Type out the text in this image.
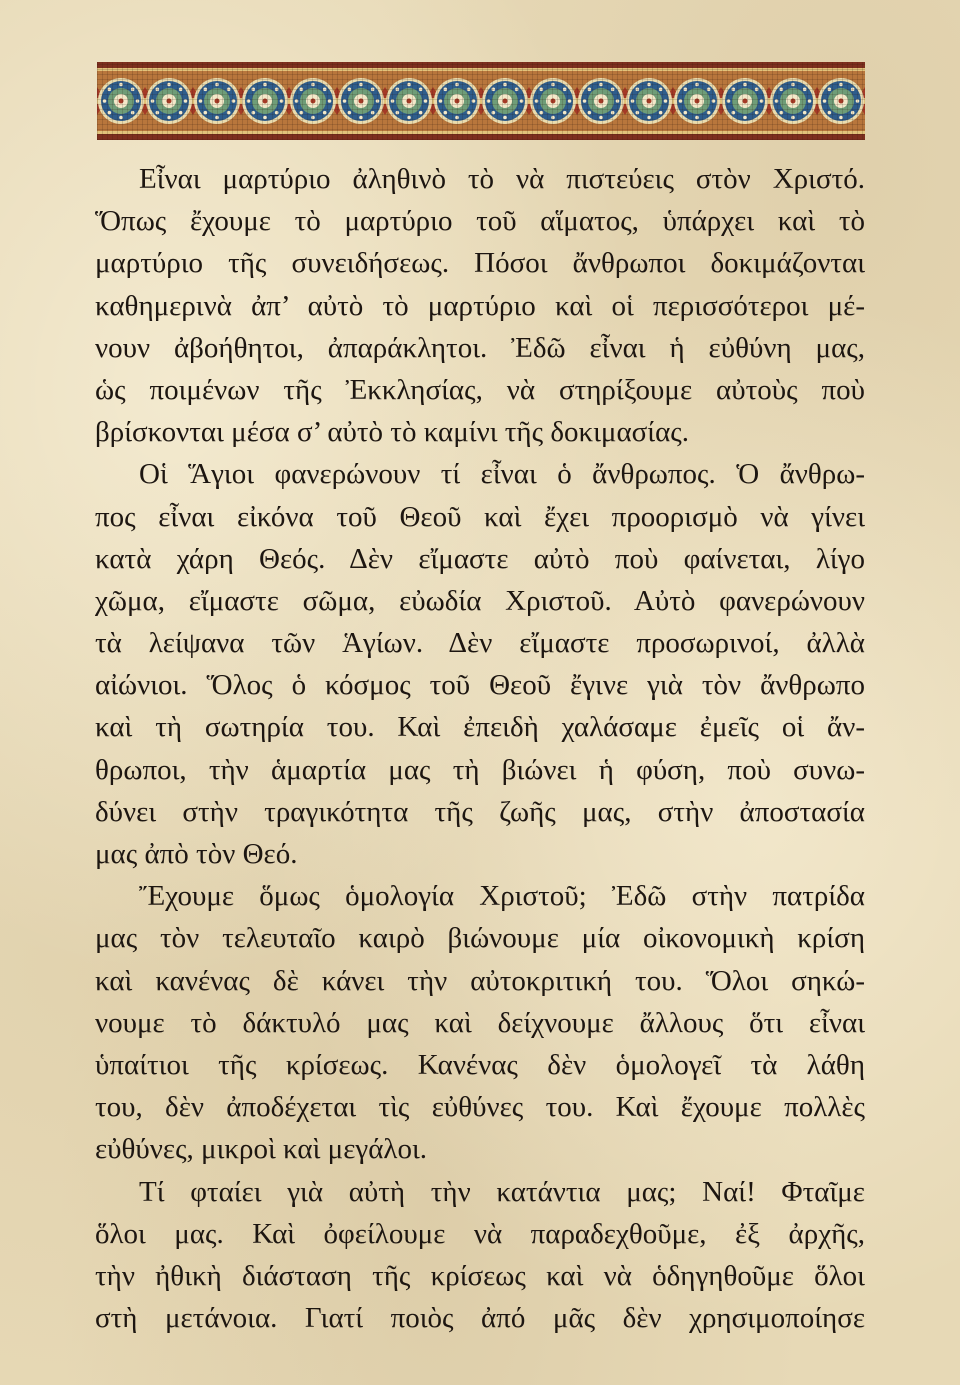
Εἶναι μαρτύριο ἀληθινὸ τὸ νὰ πιστεύεις στὸν Χριστό.
Ὅπως ἔχουμε τὸ μαρτύριο τοῦ αἵματος, ὑπάρχει καὶ τὸ
μαρτύριο τῆς συνειδήσεως. Πόσοι ἄνθρωποι δοκιμάζονται
καθημερινὰ ἀπ’ αὐτὸ τὸ μαρτύριο καὶ οἱ περισσότεροι μέ-
νουν ἀβοήθητοι, ἀπαράκλητοι. Ἐδῶ εἶναι ἡ εὐθύνη μας,
ὡς ποιμένων τῆς Ἐκκλησίας, νὰ στηρίξουμε αὐτοὺς ποὺ
βρίσκονται μέσα σ’ αὐτὸ τὸ καμίνι τῆς δοκιμασίας.
Οἱ Ἅγιοι φανερώνουν τί εἶναι ὁ ἄνθρωπος. Ὁ ἄνθρω-
πος εἶναι εἰκόνα τοῦ Θεοῦ καὶ ἔχει προορισμὸ νὰ γίνει
κατὰ χάρη Θεός. Δὲν εἴμαστε αὐτὸ ποὺ φαίνεται, λίγο
χῶμα, εἴμαστε σῶμα, εὐωδία Χριστοῦ. Αὐτὸ φανερώνουν
τὰ λείψανα τῶν Ἁγίων. Δὲν εἴμαστε προσωρινοί, ἀλλὰ
αἰώνιοι. Ὅλος ὁ κόσμος τοῦ Θεοῦ ἔγινε γιὰ τὸν ἄνθρωπο
καὶ τὴ σωτηρία του. Καὶ ἐπειδὴ χαλάσαμε ἐμεῖς οἱ ἄν-
θρωποι, τὴν ἁμαρτία μας τὴ βιώνει ἡ φύση, ποὺ συνω-
δύνει στὴν τραγικότητα τῆς ζωῆς μας, στὴν ἀποστασία
μας ἀπὸ τὸν Θεό.
Ἔχουμε ὅμως ὁμολογία Χριστοῦ; Ἐδῶ στὴν πατρίδα
μας τὸν τελευταῖο καιρὸ βιώνουμε μία οἰκονομικὴ κρίση
καὶ κανένας δὲ κάνει τὴν αὐτοκριτική του. Ὅλοι σηκώ-
νουμε τὸ δάκτυλό μας καὶ δείχνουμε ἄλλους ὅτι εἶναι
ὑπαίτιοι τῆς κρίσεως. Κανένας δὲν ὁμολογεῖ τὰ λάθη
του, δὲν ἀποδέχεται τὶς εὐθύνες του. Καὶ ἔχουμε πολλὲς
εὐθύνες, μικροὶ καὶ μεγάλοι.
Τί φταίει γιὰ αὐτὴ τὴν κατάντια μας; Ναί! Φταῖμε
ὅλοι μας. Καὶ ὀφείλουμε νὰ παραδεχθοῦμε, ἐξ ἀρχῆς,
τὴν ἠθικὴ διάσταση τῆς κρίσεως καὶ νὰ ὁδηγηθοῦμε ὅλοι
στὴ μετάνοια. Γιατί ποιὸς ἀπό μᾶς δὲν χρησιμοποίησε
